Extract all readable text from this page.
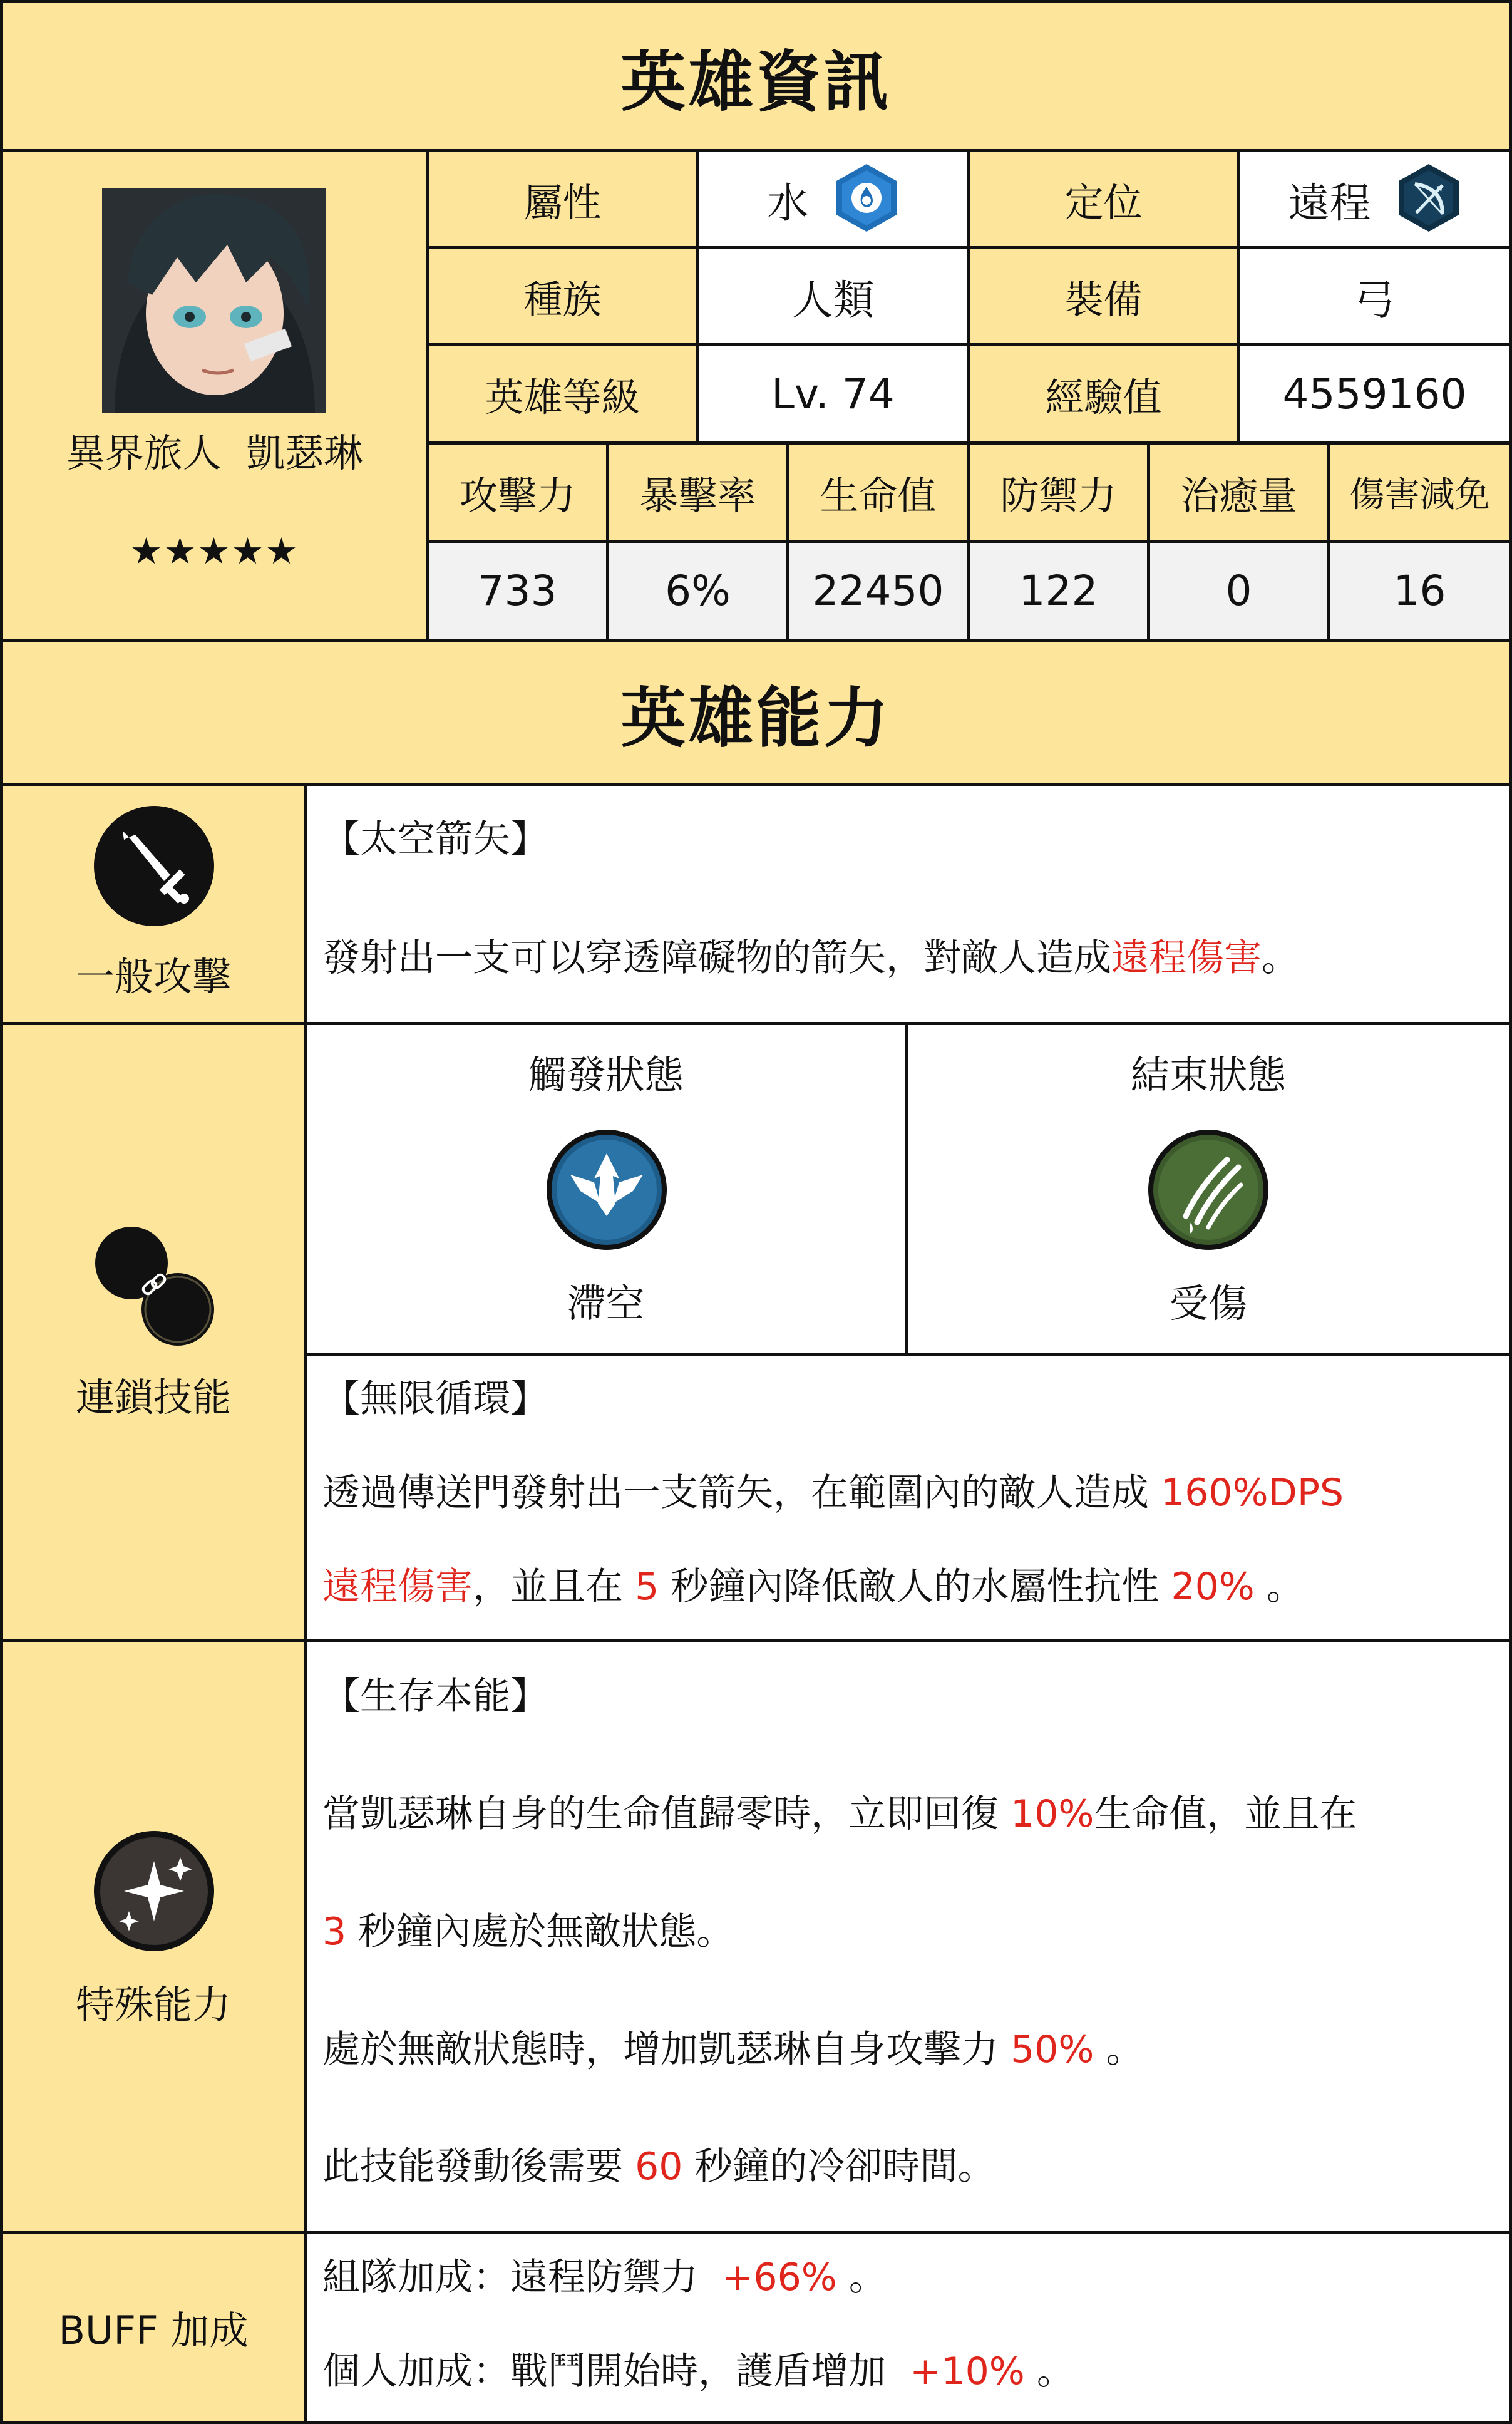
英雄資訊
異界旅人  凱瑟琳
★★★★★
屬性	水	定位	遠程
種族	人類	裝備	弓
英雄等級	Lv. 74	經驗值	4559160
攻擊力 暴擊率 生命值 防禦力 治癒量 傷害減免
733	6% 22450 122	0	16
英雄能力
一般攻擊
【太空箭矢】
發射出一支可以穿透障礙物的箭矢，對敵人造成遠程傷害。
連鎖技能
觸發狀態
滯空
結束狀態
受傷
【無限循環】
透過傳送門發射出一支箭矢，在範圍內的敵人造成 160%DPS
遠程傷害，並且在 5 秒鐘內降低敵人的水屬性抗性 20% 。
特殊能力
【生存本能】
當凱瑟琳自身的生命值歸零時，立即回復 10%生命值，並且在
3 秒鐘內處於無敵狀態。
處於無敵狀態時，增加凱瑟琳自身攻擊力 50% 。
此技能發動後需要 60 秒鐘的冷卻時間。
BUFF 加成
組隊加成：遠程防禦力  +66% 。
個人加成：戰鬥開始時，護盾增加  +10% 。
